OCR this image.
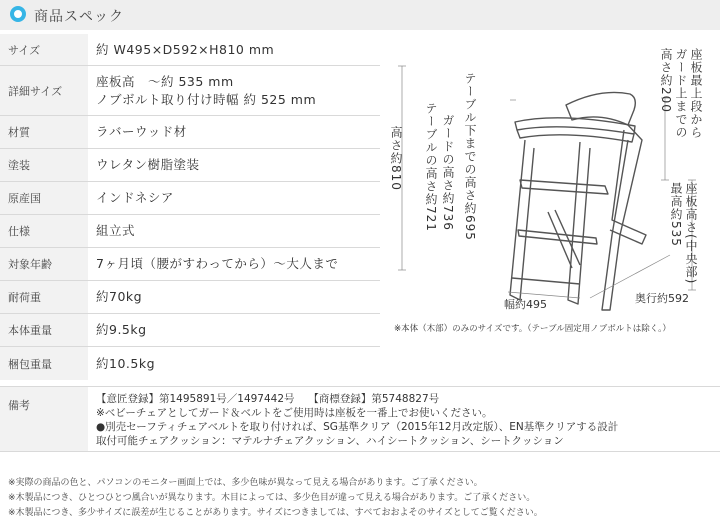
商品スペック
サイズ	約 W495×D592×H810 mm
詳細サイズ
座板高　～約 535 mm
ノブボルト取り付け時幅 約 525 mm
材質	ラバーウッド材
塗装	ウレタン樹脂塗装
原産国	インドネシア
仕様	組立式
対象年齢	7ヶ月頃（腰がすわってから）～大人まで
耐荷重	約70kg
本体重量	約9.5kg
梱包重量	約10.5kg
備考	【意匠登録】第1495891号／1497442号　 【商標登録】第5748827号
※ベビーチェアとしてガード＆ベルトをご使用時は座板を一番上でお使いください。
●別売セーフティチェアベルトを取り付ければ、SG基準クリア（2015年12月改定版）、EN基準クリアする設計
取付可能チェアクッション：マテルナチェアクッション、ハイシートクッション、シートクッション
高さ約810 テーブルの高さ約721 ガードの高さ約736 テーブル下までの高さ約695	座板最上段から
ガード上までの
高さ約200
座板高さ(中央部)
最高約535
幅約495	奥行約592
※本体（木部）のみのサイズです。（テーブル固定用ノブボルトは除く。）
※実際の商品の色と、パソコンのモニター画面上では、多少色味が異なって見える場合があります。ご了承ください。
※木製品につき、ひとつひとつ風合いが異なります。木目によっては、多少色目が違って見える場合があります。ご了承ください。
※木製品につき、多少サイズに誤差が生じることがあります。サイズにつきましては、すべておおよそのサイズとしてご覧ください。
